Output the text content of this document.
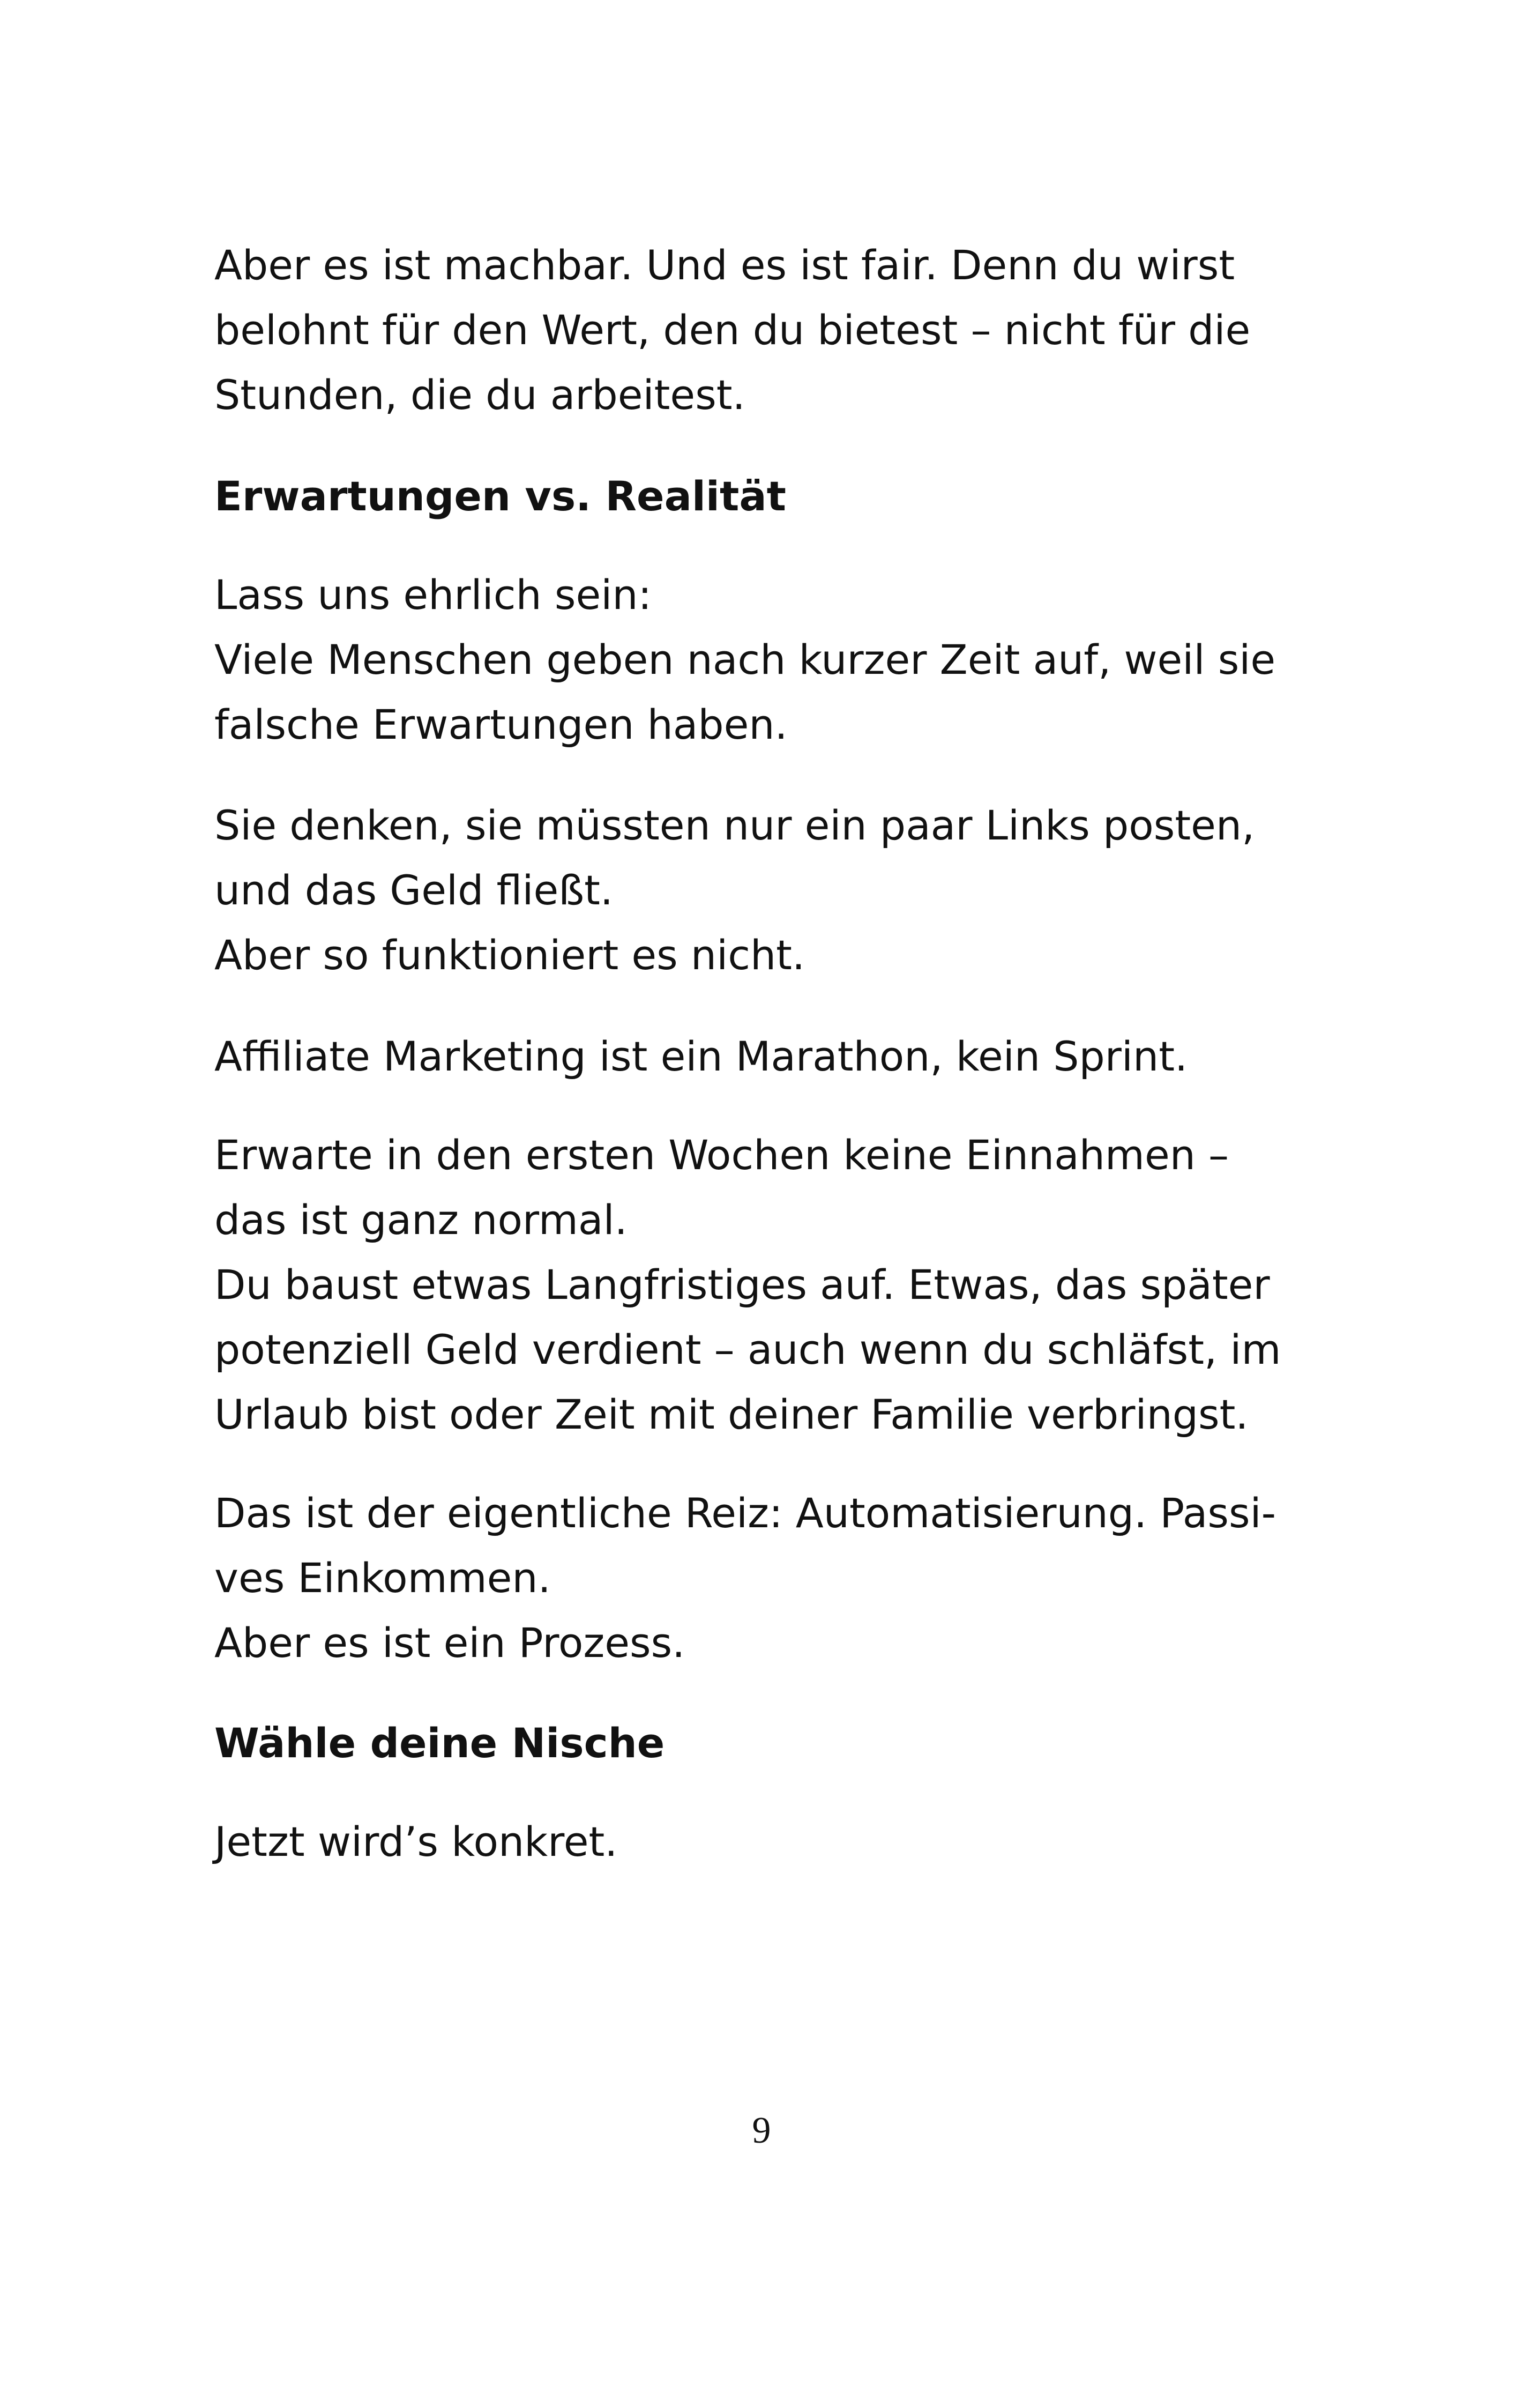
Aber es ist machbar. Und es ist fair. Denn du wirst
belohnt für den Wert, den du bietest – nicht für die
Stunden, die du arbeitest.
Erwartungen vs. Realität
Lass uns ehrlich sein:
Viele Menschen geben nach kurzer Zeit auf, weil sie
falsche Erwartungen haben.
Sie denken, sie müssten nur ein paar Links posten,
und das Geld fließt.
Aber so funktioniert es nicht.
Affiliate Marketing ist ein Marathon, kein Sprint.
Erwarte in den ersten Wochen keine Einnahmen –
das ist ganz normal.
Du baust etwas Langfristiges auf. Etwas, das später
potenziell Geld verdient – auch wenn du schläfst, im
Urlaub bist oder Zeit mit deiner Familie verbringst.
Das ist der eigentliche Reiz: Automatisierung. Passi-
ves Einkommen.
Aber es ist ein Prozess.
Wähle deine Nische
Jetzt wird’s konkret.
9
